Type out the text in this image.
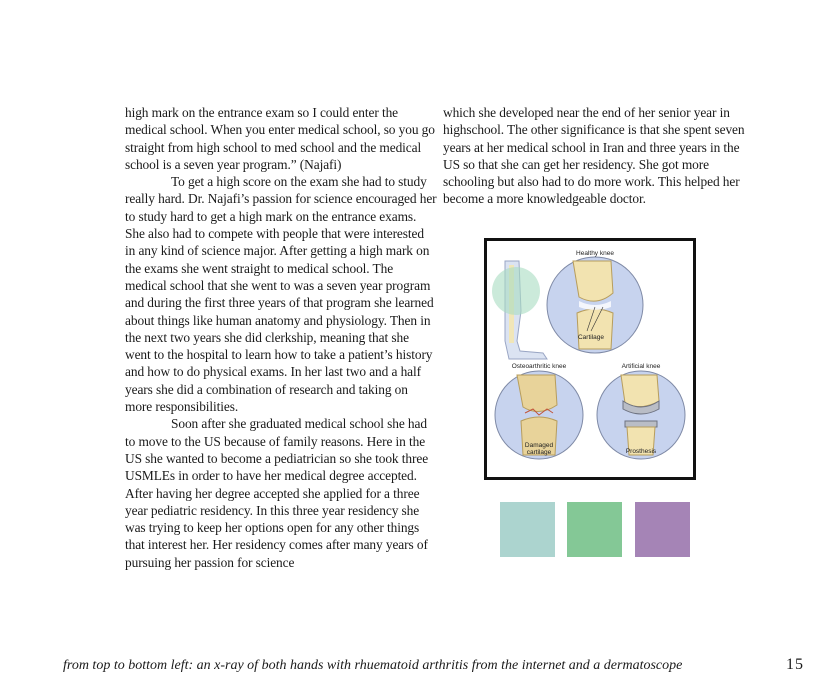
high mark on the entrance exam so I could enter the medical school. When you enter medical school, so you go straight from high school to med school and the medical school is a seven year program.” (Najafi)

To get a high score on the exam she had to study really hard. Dr. Najafi’s passion for science encouraged her to study hard to get a high mark on the entrance exams. She also had to compete with people that were interested in any kind of science major. After getting a high mark on the exams she went straight to medical school. The medical school that she went to was a seven year program and during the first three years of that program she learned about things like human anatomy and physiology. Then in the next two years she did clerkship, meaning that she went to the hospital to learn how to take a patient’s history and how to do physical exams. In her last two and a half years she did a combination of research and taking on more responsibilities.

Soon after she graduated medical school she had to move to the US because of family reasons. Here in the US she wanted to become a pediatrician so she took three USMLEs in order to have her medical degree accepted. After having her degree accepted she applied for a three year pediatric residency. In this three year residency she was trying to keep her options open for any other things that interest her. Her residency comes after many years of pursuing her passion for science

which she developed near the end of her senior year in highschool. The other significance is that she spent seven years at her medical school in Iran and three years in the US so that she can get her residency. She got more schooling but also had to do more work. This helped her become a more knowledgeable doctor.

Healthy knee
Cartilage
Osteoarthritic knee
Damaged
cartilage
Artificial knee
Prosthesis
from top to bottom left: an x-ray of both hands with rhuematoid arthritis from the internet and a dermatoscope	15
